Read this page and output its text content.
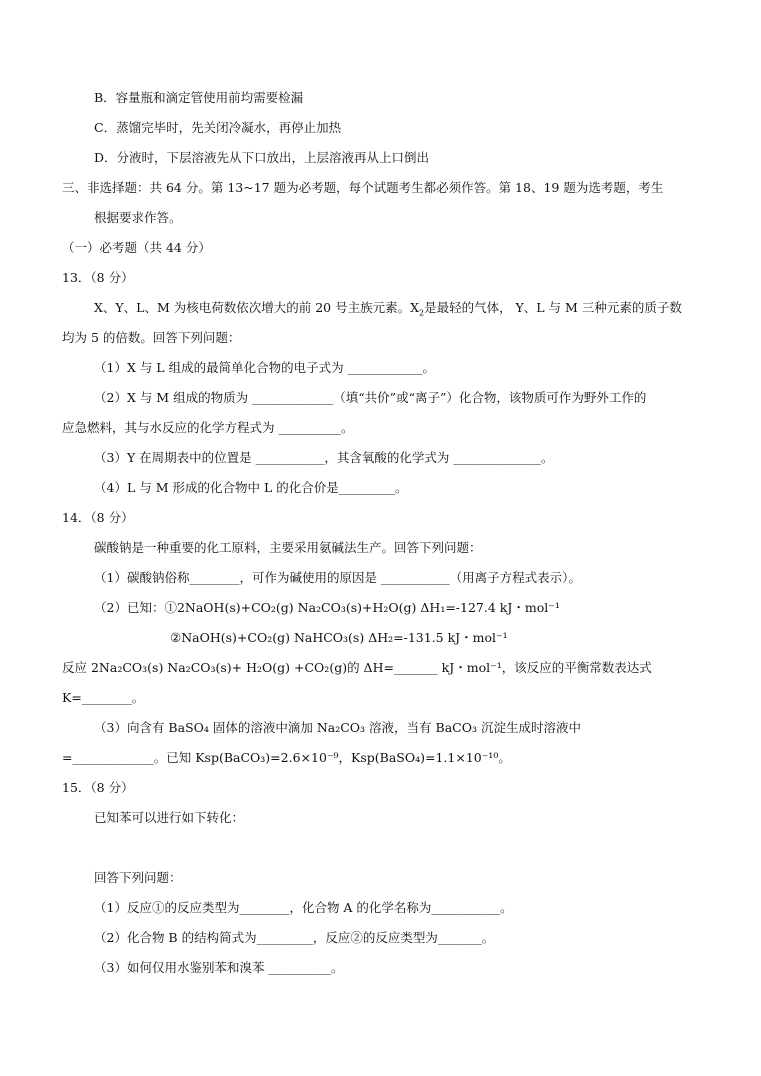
B．容量瓶和滴定管使用前均需要检漏
C．蒸馏完毕时，先关闭冷凝水，再停止加热
D．分液时，下层溶液先从下口放出，上层溶液再从上口倒出
三、非选择题：共 64 分。第 13~17 题为必考题，每个试题考生都必须作答。第 18、19 题为选考题，考生
根据要求作答。
（一）必考题（共 44 分）
13．（8 分）
X、Y、L、M 为核电荷数依次增大的前 20 号主族元素。$X_2$是最轻的气体， Y、L 与 M 三种元素的质子数
均为 5 的倍数。回答下列问题：
（1）X 与 L 组成的最简单化合物的电子式为 ____________。
（2）X 与 M 组成的物质为 _____________（填“共价”或“离子”）化合物，该物质可作为野外工作的
应急燃料，其与水反应的化学方程式为 __________。
（3）Y 在周期表中的位置是 ___________，其含氧酸的化学式为 ______________。
（4）L 与 M 形成的化合物中 L 的化合价是_________。
14．（8 分）
碳酸钠是一种重要的化工原料，主要采用氨碱法生产。回答下列问题：
（1）碳酸钠俗称________，可作为碱使用的原因是 ___________（用离子方程式表示）。
（2）已知：①2NaOH(s)+CO₂(g) Na₂CO₃(s)+H₂O(g) ΔH₁=-127.4 kJ・mol⁻¹
②NaOH(s)+CO₂(g) NaHCO₃(s) ΔH₂=-131.5 kJ・mol⁻¹
反应 2Na₂CO₃(s) Na₂CO₃(s)+ H₂O(g) +CO₂(g)的 ΔH=_______ kJ・mol⁻¹，该反应的平衡常数表达式
K=________。
（3）向含有 BaSO₄ 固体的溶液中滴加 Na₂CO₃ 溶液，当有 BaCO₃ 沉淀生成时溶液中
=_____________。已知 Ksp(BaCO₃)=2.6×10⁻⁹，Ksp(BaSO₄)=1.1×10⁻¹⁰。
15．（8 分）
已知苯可以进行如下转化：
回答下列问题：
（1）反应①的反应类型为________，化合物 A 的化学名称为___________。
（2）化合物 B 的结构简式为_________，反应②的反应类型为_______。
（3）如何仅用水鉴别苯和溴苯 __________。
